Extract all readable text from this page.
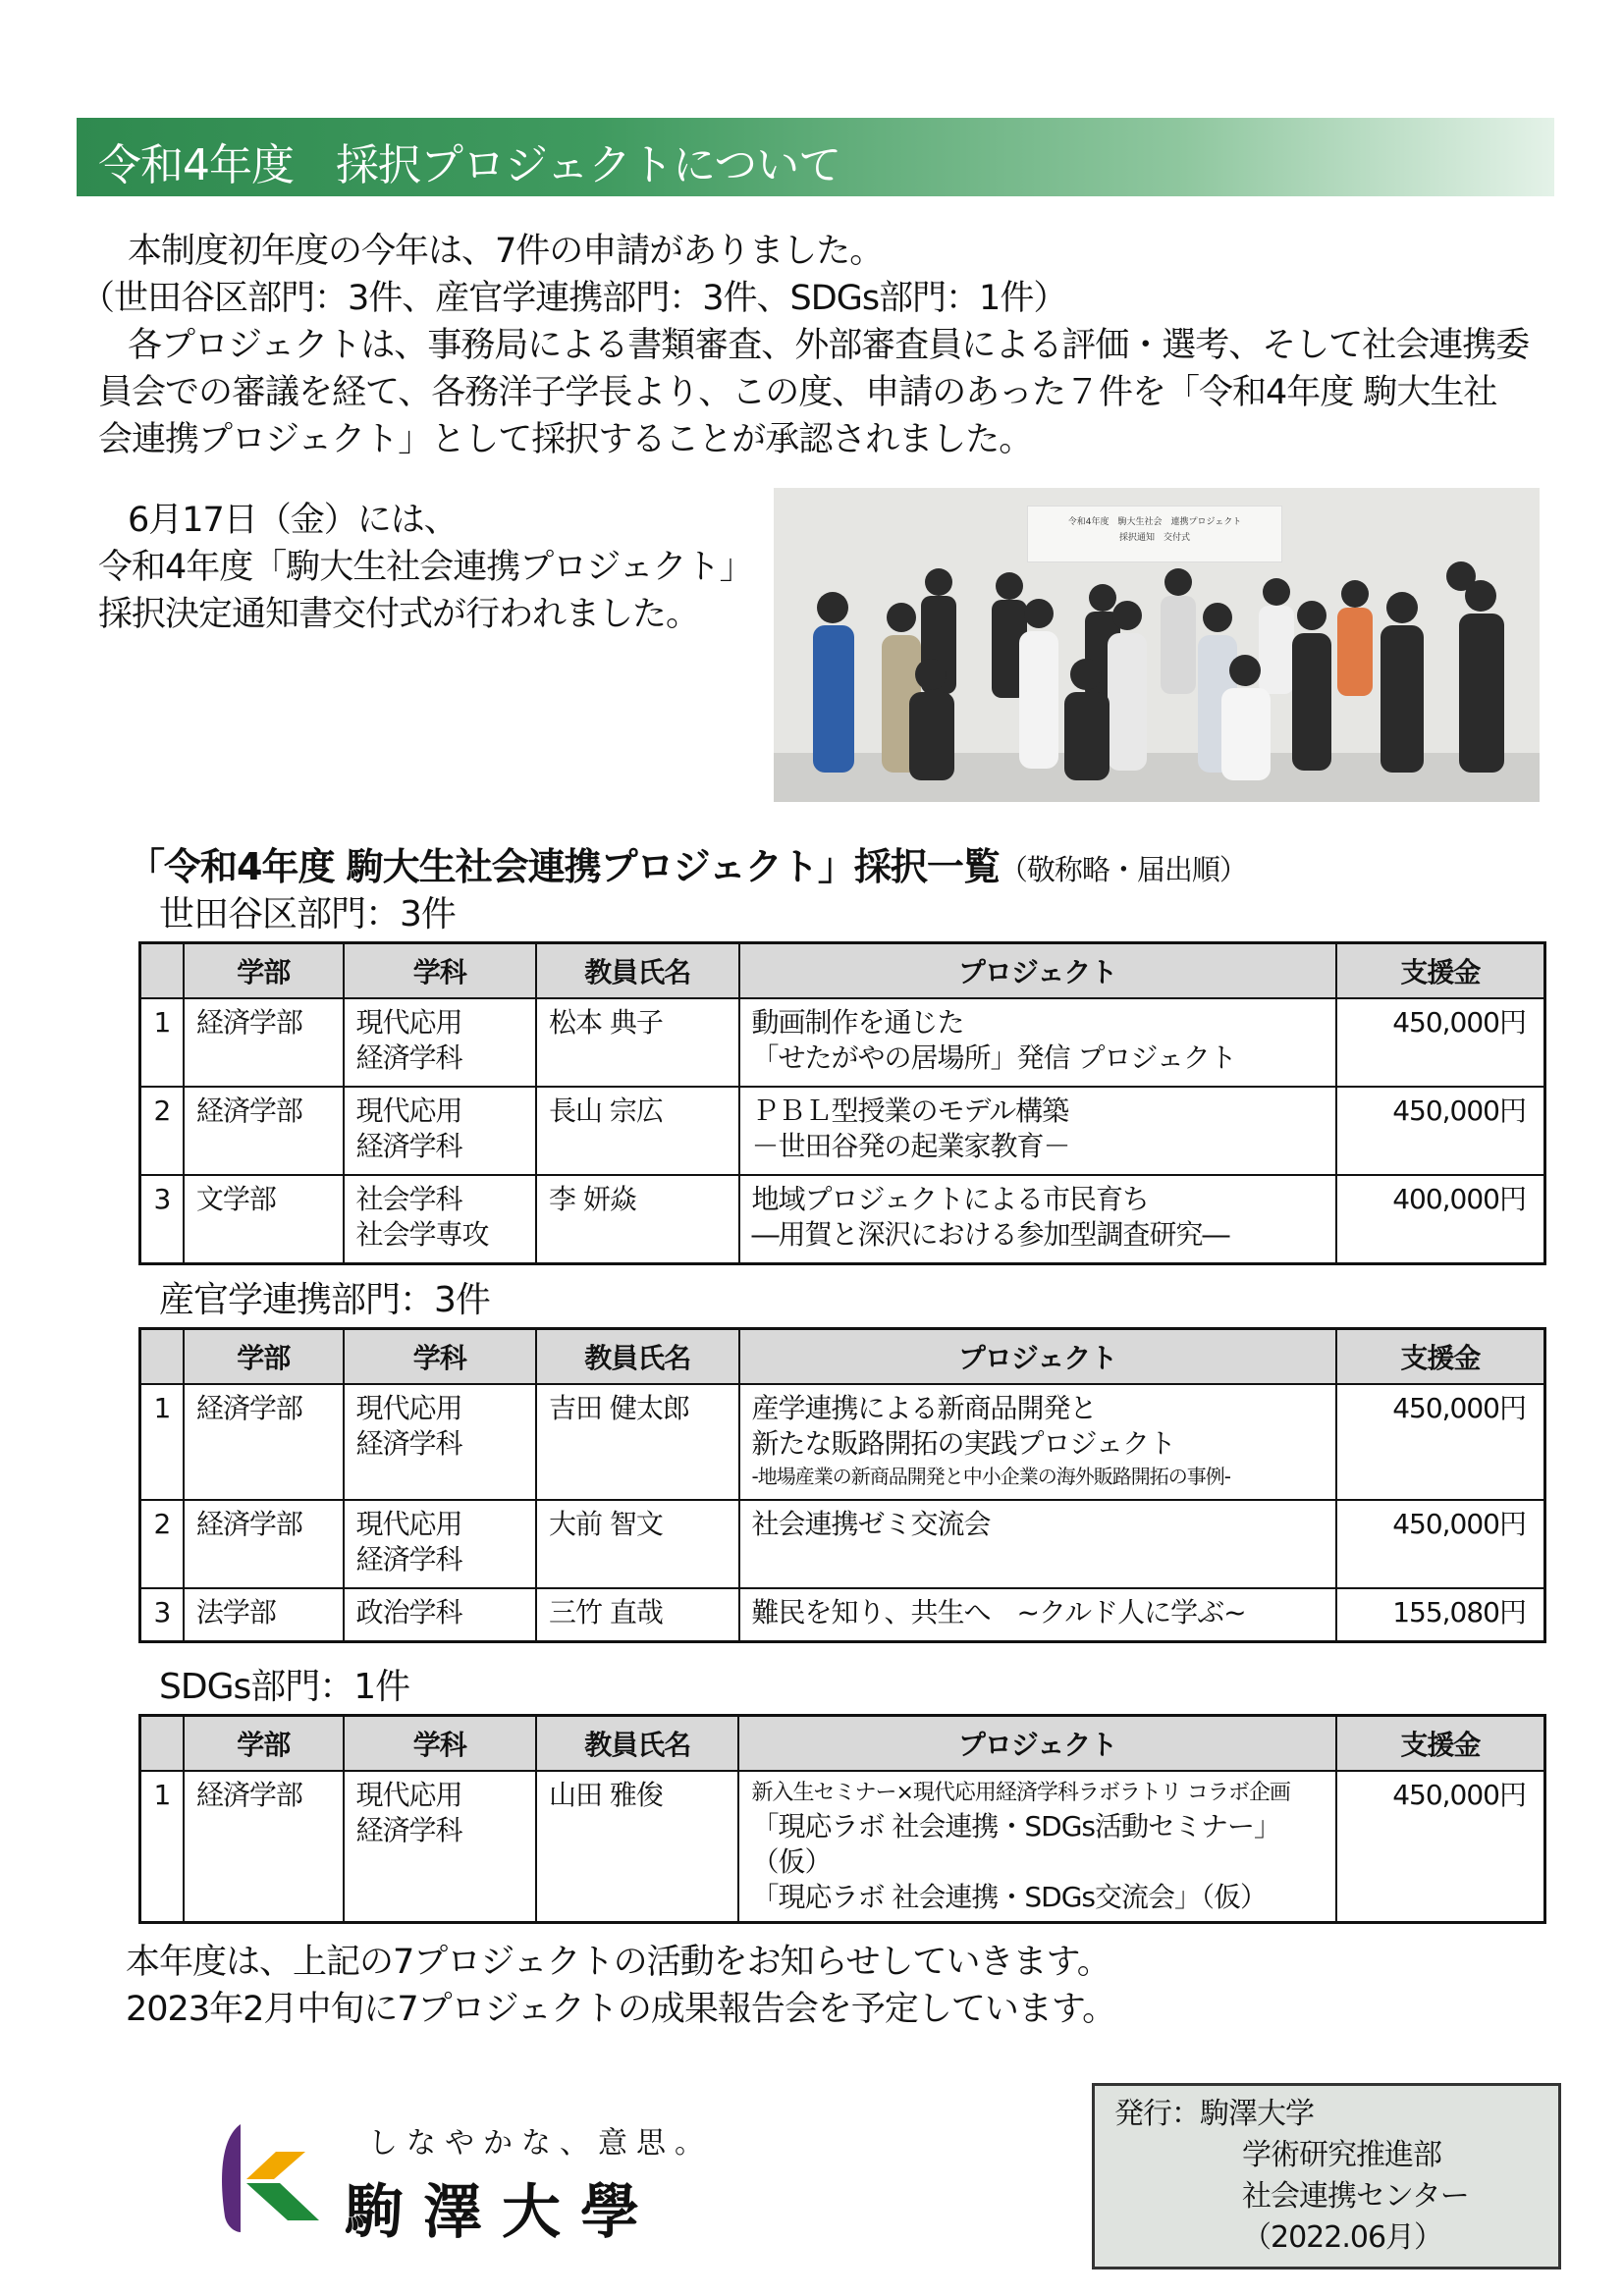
令和4年度　採択プロジェクトについて

本制度初年度の今年は、7件の申請がありました。

（世田谷区部門：3件、産官学連携部門：3件、SDGs部門：1件）

各プロジェクトは、事務局による書類審査、外部審査員による評価・選考、そして社会連携委

員会での審議を経て、各務洋子学長より、この度、申請のあった７件を「令和4年度 駒大生社

会連携プロジェクト」として採択することが承認されました。

6月17日（金）には、

令和4年度「駒大生社会連携プロジェクト」

採択決定通知書交付式が行われました。

令和4年度　駒大生社会　連携プロジェクト
採択通知　交付式
「令和4年度 駒大生社会連携プロジェクト」採択一覧（敬称略・届出順）
世田谷区部門：3件
	学部	学科	教員氏名	プロジェクト	支援金
1	経済学部	現代応用
経済学科	松本 典子	動画制作を通じた
「せたがやの居場所」発信 プロジェクト	450,000円
2	経済学部	現代応用
経済学科	長山 宗広	ＰＢＬ型授業のモデル構築
－世田谷発の起業家教育－	450,000円
3	文学部	社会学科
社会学専攻	李 妍焱	地域プロジェクトによる市民育ち
―用賀と深沢における参加型調査研究―	400,000円
産官学連携部門：3件
	学部	学科	教員氏名	プロジェクト	支援金
1	経済学部	現代応用
経済学科	吉田 健太郎	産学連携による新商品開発と
新たな販路開拓の実践プロジェクト
-地場産業の新商品開発と中小企業の海外販路開拓の事例-	450,000円
2	経済学部	現代応用
経済学科	大前 智文	社会連携ゼミ交流会	450,000円
3	法学部	政治学科	三竹 直哉	難民を知り、共生へ　~クルド人に学ぶ~	155,080円
SDGs部門：1件
	学部	学科	教員氏名	プロジェクト	支援金
1	経済学部	現代応用
経済学科	山田 雅俊	新入生セミナー×現代応用経済学科ラボラトリ コラボ企画
「現応ラボ 社会連携・SDGs活動セミナー」（仮）
「現応ラボ 社会連携・SDGs交流会」（仮）	450,000円

本年度は、上記の7プロジェクトの活動をお知らせしていきます。

2023年2月中旬に7プロジェクトの成果報告会を予定しています。

しなやかな、意思。
駒澤大學
発行：駒澤大学
学術研究推進部
社会連携センター
（2022.06月）
